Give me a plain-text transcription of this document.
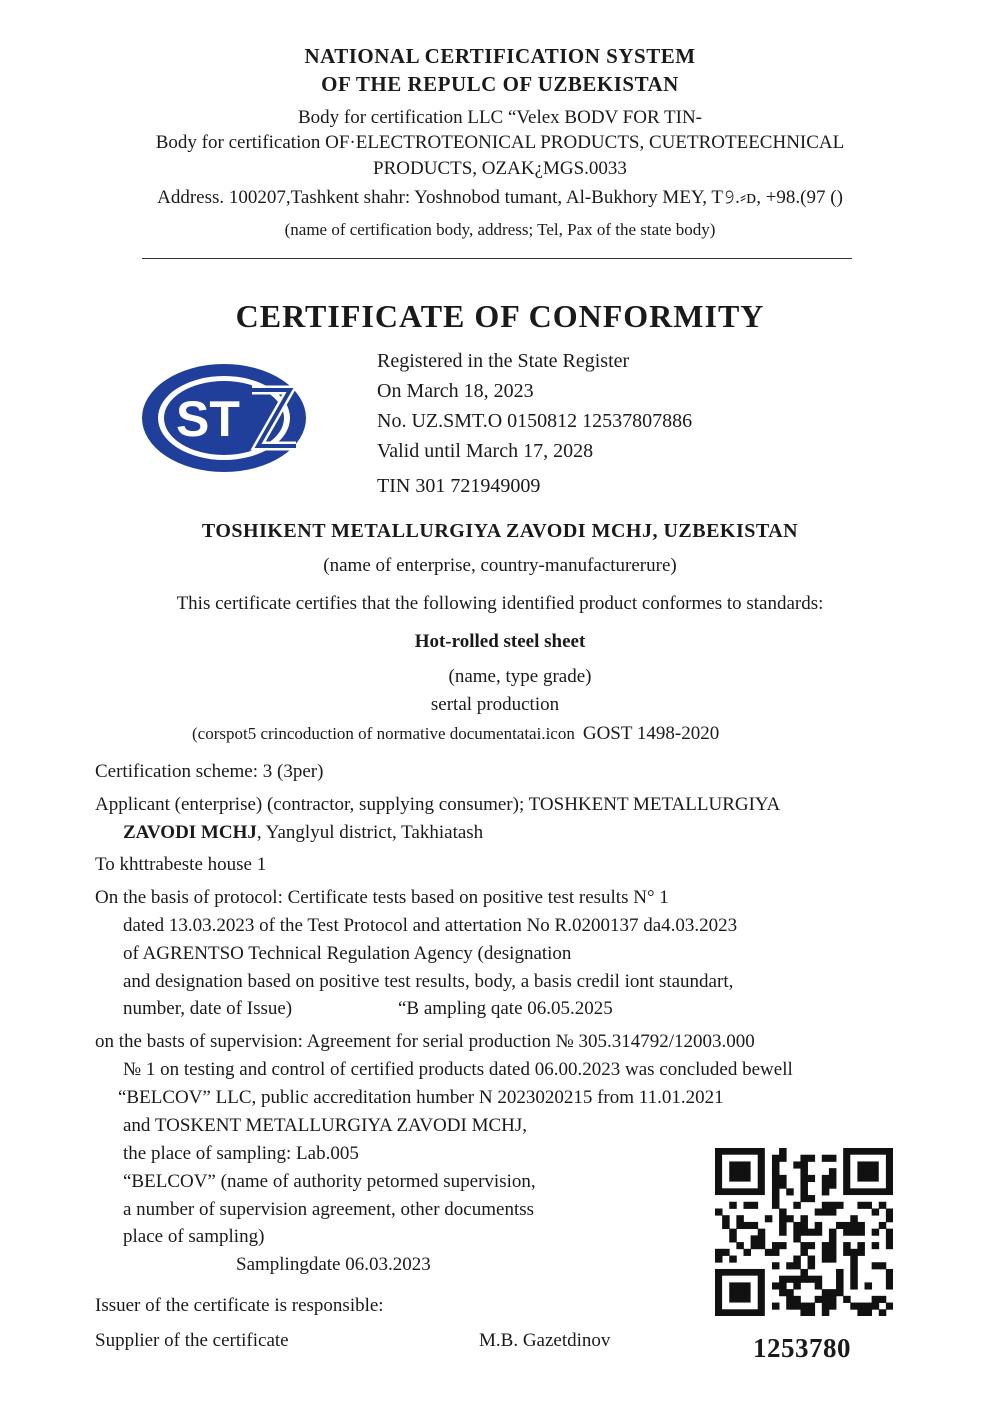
NATIONAL CERTIFICATION SYSTEM
OF THE REPULC OF UZBEKISTAN
Body for certification LLC “Velex BODV FOR TIN-
Body for certification OF·ELECTROTEONICAL PRODUCTS, CUETROTEECHNICAL
PRODUCTS, OZAK¿MGS.0033
Address. 100207,Tashkent shahr: Yoshnobod tumant, Al-Bukhory MEY, T𝟿.⸗ᴅ, +98.(97 ()
(name of certification body, address; Tel, Pax of the state body)
CERTIFICATE OF CONFORMITY
ST
Registered in the State Register
On March 18, 2023
No. UZ.SMT.O 0150812 12537807886
Valid until March 17, 2028
TIN 301 721949009
TOSHIKENT METALLURGIYA ZAVODI MCHJ, UZBEKISTAN
(name of enterprise, country-manufacturerure)
This certificate certifies that the following identified product conformes to standards:
Hot-rolled steel sheet
(name, type grade)
sertal production
(corspot5 crincoduction of normative documentatai.icon GOST 1498-2020
Certification scheme: 3 (3per)
Applicant (enterprise) (contractor, supplying consumer); TOSHKENT METALLURGIYA
ZAVODI MCHJ, Yanglyul district, Takhiatash
To khttrabeste house 1
On the basis of protocol: Certificate tests based on positive test results N° 1
dated 13.03.2023 of the Test Protocol and attertation No R.0200137 da4.03.2023
of AGRENTSO Technical Regulation Agency (designation
and designation based on positive test results, body, a basis credil iont staundart,
number, date of Issue)	“B ampling qate 06.05.2025
on the basts of supervision: Agreement for serial production № 305.314792/12003.000
№ 1 on testing and control of certified products dated 06.00.2023 was concluded bewell
“BELCOV” LLC, public accreditation humber N 2023020215 from 11.01.2021
and TOSKENT METALLURGIYA ZAVODI MCHJ,
the place of sampling: Lab.005
“BELCOV” (name of authority petormed supervision,
a number of supervision agreement, other documentss
place of sampling)
Samplingdate 06.03.2023
Issuer of the certificate is responsible:
Supplier of the certificate	M.B. Gazetdinov	1253780
